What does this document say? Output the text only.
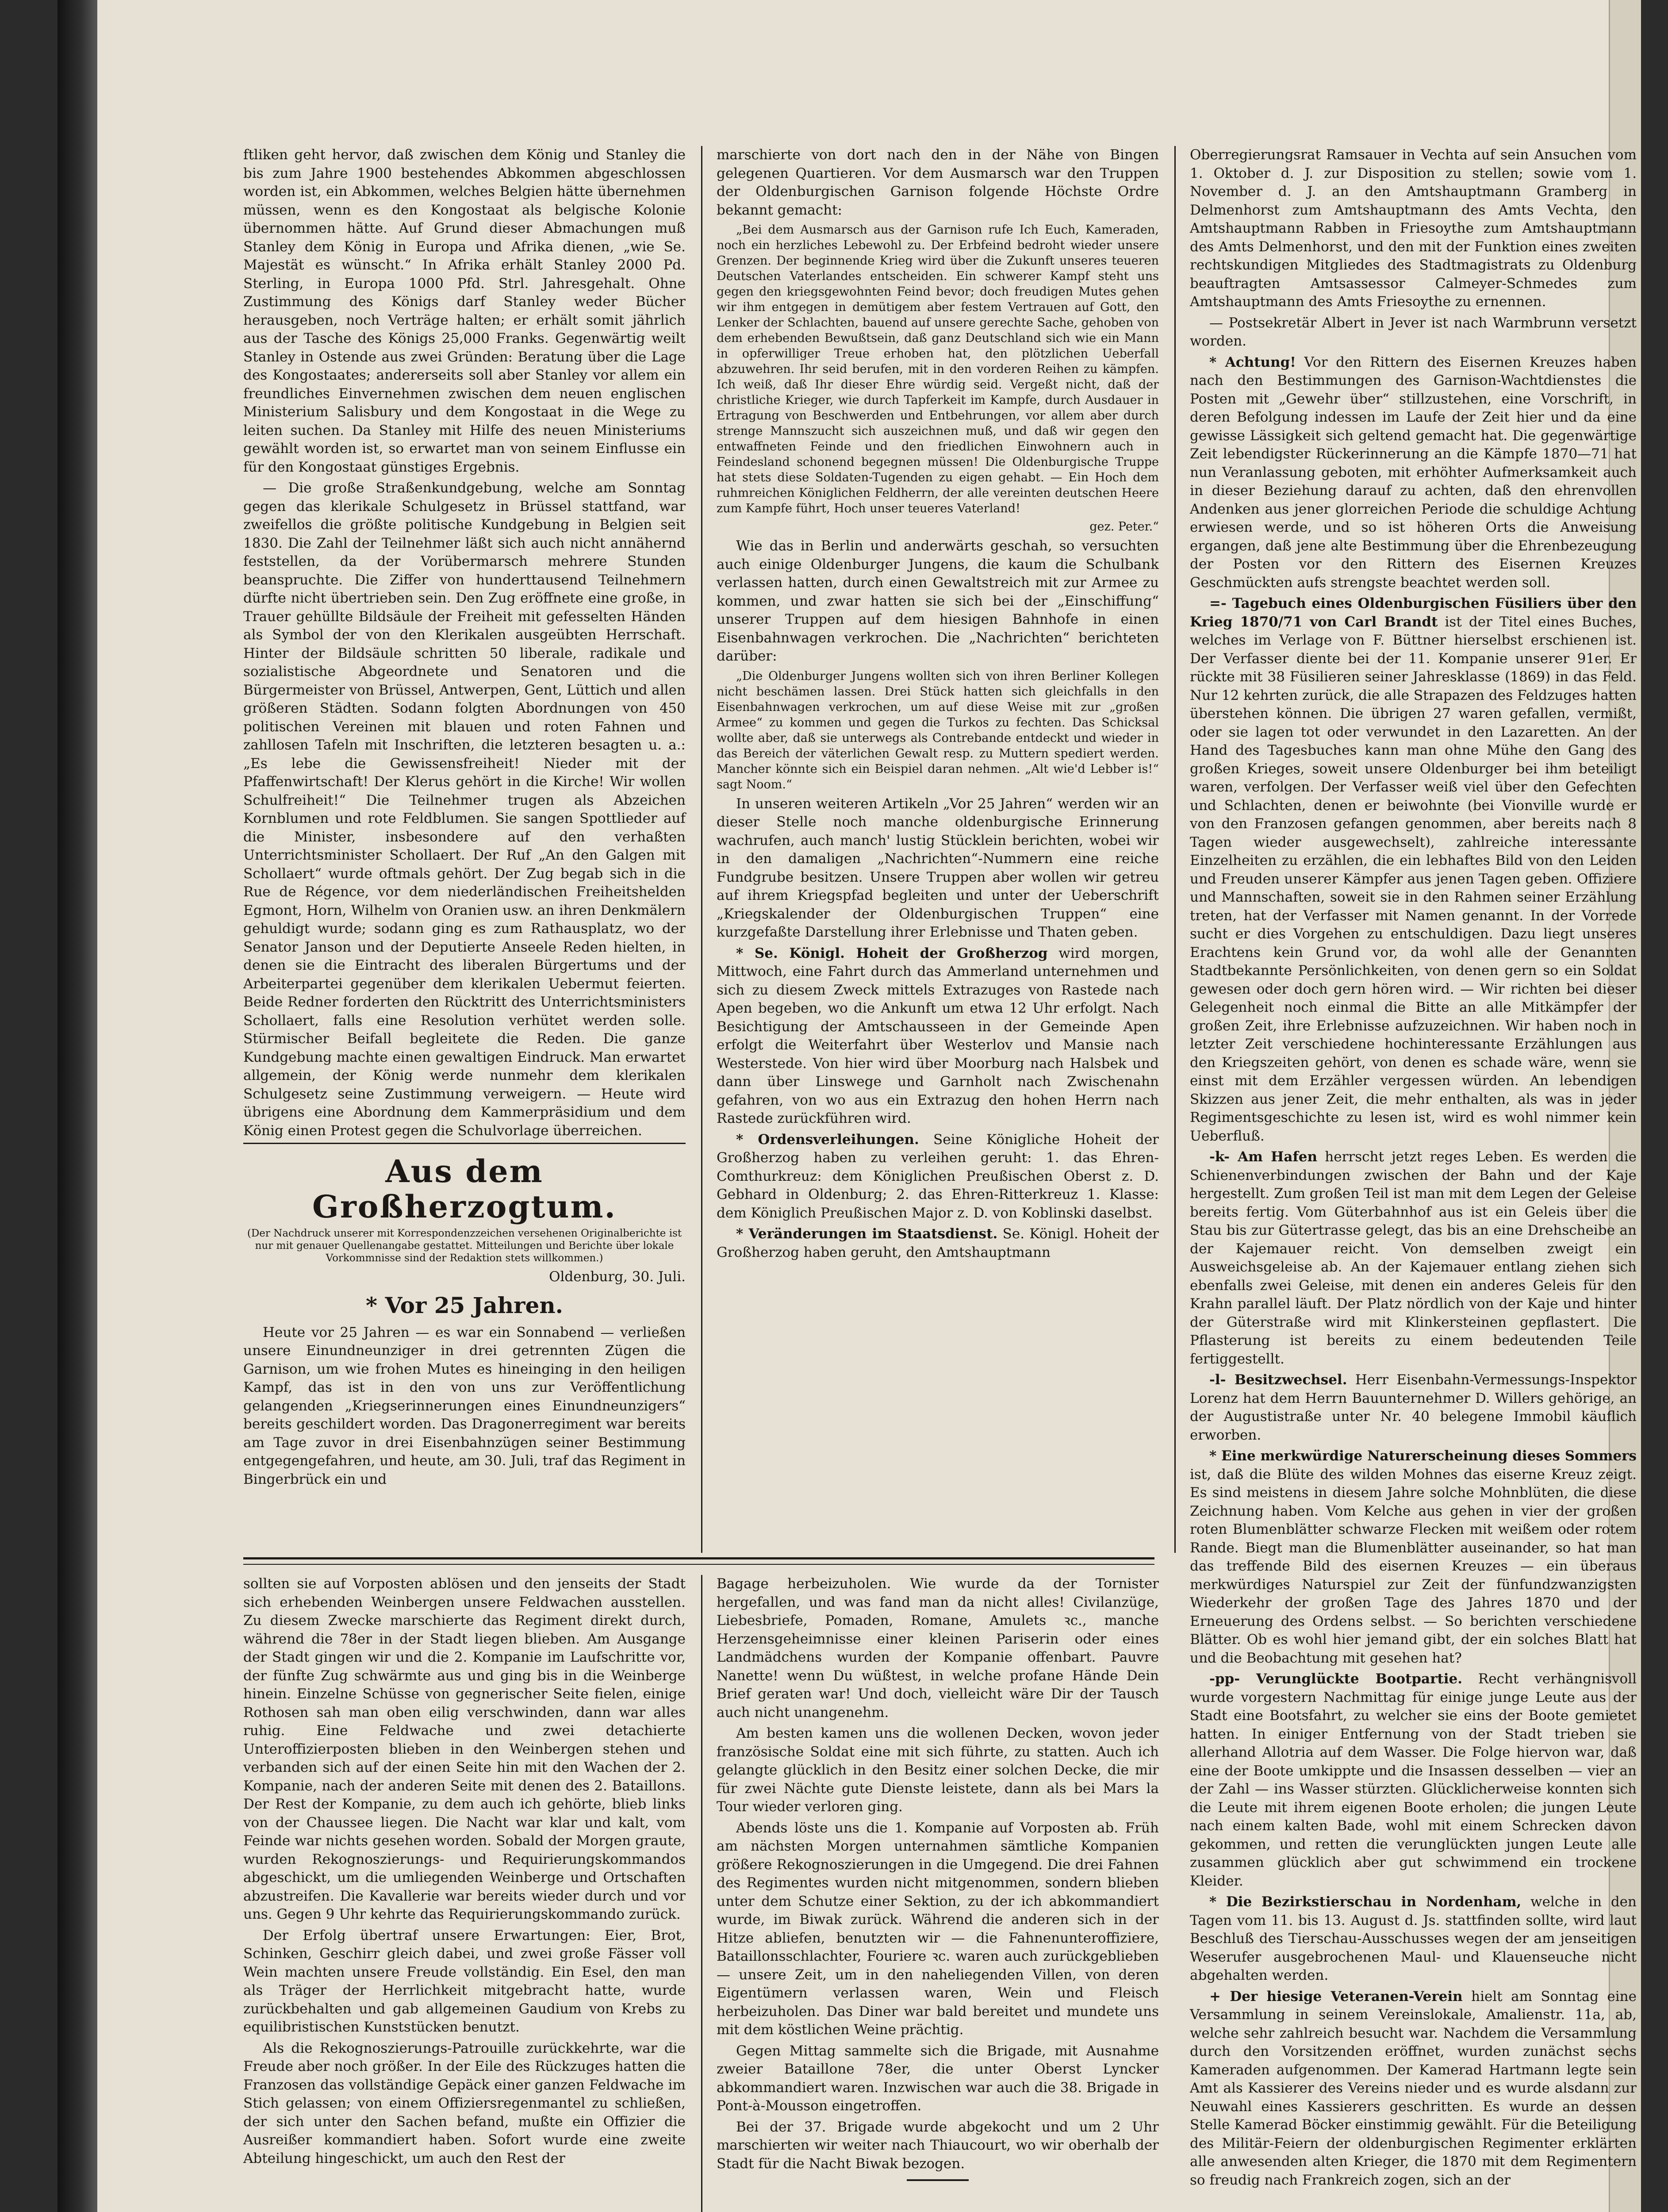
ftliken geht hervor, daß zwischen dem König und Stanley die bis zum Jahre 1900 bestehendes Abkommen abgeschlossen worden ist, ein Abkommen, welches Belgien hätte übernehmen müssen, wenn es den Kongostaat als belgische Kolonie übernommen hätte. Auf Grund dieser Abmachungen muß Stanley dem König in Europa und Afrika dienen, „wie Se. Majestät es wünscht.“ In Afrika erhält Stanley 2000 Pd. Sterling, in Europa 1000 Pfd. Strl. Jahresgehalt. Ohne Zustimmung des Königs darf Stanley weder Bücher herausgeben, noch Verträge halten; er erhält somit jährlich aus der Tasche des Königs 25,000 Franks. Gegenwärtig weilt Stanley in Ostende aus zwei Gründen: Beratung über die Lage des Kongostaates; andererseits soll aber Stanley vor allem ein freundliches Einvernehmen zwischen dem neuen englischen Ministerium Salisbury und dem Kongostaat in die Wege zu leiten suchen. Da Stanley mit Hilfe des neuen Ministeriums gewählt worden ist, so erwartet man von seinem Einflusse ein für den Kongostaat günstiges Ergebnis.

— Die große Straßenkundgebung, welche am Sonntag gegen das klerikale Schulgesetz in Brüssel stattfand, war zweifellos die größte politische Kundgebung in Belgien seit 1830. Die Zahl der Teilnehmer läßt sich auch nicht annähernd feststellen, da der Vorübermarsch mehrere Stunden beanspruchte. Die Ziffer von hunderttausend Teilnehmern dürfte nicht übertrieben sein. Den Zug eröffnete eine große, in Trauer gehüllte Bildsäule der Freiheit mit gefesselten Händen als Symbol der von den Klerikalen ausgeübten Herrschaft. Hinter der Bildsäule schritten 50 liberale, radikale und sozialistische Abgeordnete und Senatoren und die Bürgermeister von Brüssel, Antwerpen, Gent, Lüttich und allen größeren Städten. Sodann folgten Abordnungen von 450 politischen Vereinen mit blauen und roten Fahnen und zahllosen Tafeln mit Inschriften, die letzteren besagten u. a.: „Es lebe die Gewissensfreiheit! Nieder mit der Pfaffenwirtschaft! Der Klerus gehört in die Kirche! Wir wollen Schulfreiheit!“ Die Teilnehmer trugen als Abzeichen Kornblumen und rote Feldblumen. Sie sangen Spottlieder auf die Minister, insbesondere auf den verhaßten Unterrichtsminister Schollaert. Der Ruf „An den Galgen mit Schollaert“ wurde oftmals gehört. Der Zug begab sich in die Rue de Régence, vor dem niederländischen Freiheitshelden Egmont, Horn, Wilhelm von Oranien usw. an ihren Denkmälern gehuldigt wurde; sodann ging es zum Rathausplatz, wo der Senator Janson und der Deputierte Anseele Reden hielten, in denen sie die Eintracht des liberalen Bürgertums und der Arbeiterpartei gegenüber dem klerikalen Uebermut feierten. Beide Redner forderten den Rücktritt des Unterrichtsministers Schollaert, falls eine Resolution verhütet werden solle. Stürmischer Beifall begleitete die Reden. Die ganze Kundgebung machte einen gewaltigen Eindruck. Man erwartet allgemein, der König werde nunmehr dem klerikalen Schulgesetz seine Zustimmung verweigern. — Heute wird übrigens eine Abordnung dem Kammerpräsidium und dem König einen Protest gegen die Schulvorlage überreichen.

Aus dem Großherzogtum.

(Der Nachdruck unserer mit Korrespondenzzeichen versehenen Originalberichte ist nur mit genauer Quellenangabe gestattet. Mitteilungen und Berichte über lokale Vorkommnisse sind der Redaktion stets willkommen.)

Oldenburg, 30. Juli.

* Vor 25 Jahren.

Heute vor 25 Jahren — es war ein Sonnabend — verließen unsere Einundneunziger in drei getrennten Zügen die Garnison, um wie frohen Mutes es hineinging in den heiligen Kampf, das ist in den von uns zur Veröffentlichung gelangenden „Kriegserinnerungen eines Einundneunzigers“ bereits geschildert worden. Das Dragonerregiment war bereits am Tage zuvor in drei Eisenbahnzügen seiner Bestimmung entgegengefahren, und heute, am 30. Juli, traf das Regiment in Bingerbrück ein und

marschierte von dort nach den in der Nähe von Bingen gelegenen Quartieren. Vor dem Ausmarsch war den Truppen der Oldenburgischen Garnison folgende Höchste Ordre bekannt gemacht:

„Bei dem Ausmarsch aus der Garnison rufe Ich Euch, Kameraden, noch ein herzliches Lebewohl zu. Der Erbfeind bedroht wieder unsere Grenzen. Der beginnende Krieg wird über die Zukunft unseres teueren Deutschen Vaterlandes entscheiden. Ein schwerer Kampf steht uns gegen den kriegsgewohnten Feind bevor; doch freudigen Mutes gehen wir ihm entgegen in demütigem aber festem Vertrauen auf Gott, den Lenker der Schlachten, bauend auf unsere gerechte Sache, gehoben von dem erhebenden Bewußtsein, daß ganz Deutschland sich wie ein Mann in opferwilliger Treue erhoben hat, den plötzlichen Ueberfall abzuwehren. Ihr seid berufen, mit in den vorderen Reihen zu kämpfen. Ich weiß, daß Ihr dieser Ehre würdig seid. Vergeßt nicht, daß der christliche Krieger, wie durch Tapferkeit im Kampfe, durch Ausdauer in Ertragung von Beschwerden und Entbehrungen, vor allem aber durch strenge Mannszucht sich auszeichnen muß, und daß wir gegen den entwaffneten Feinde und den friedlichen Einwohnern auch in Feindesland schonend begegnen müssen! Die Oldenburgische Truppe hat stets diese Soldaten-Tugenden zu eigen gehabt. — Ein Hoch dem ruhmreichen Königlichen Feldherrn, der alle vereinten deutschen Heere zum Kampfe führt, Hoch unser teueres Vaterland!

gez. Peter.“

Wie das in Berlin und anderwärts geschah, so versuchten auch einige Oldenburger Jungens, die kaum die Schulbank verlassen hatten, durch einen Gewaltstreich mit zur Armee zu kommen, und zwar hatten sie sich bei der „Einschiffung“ unserer Truppen auf dem hiesigen Bahnhofe in einen Eisenbahnwagen verkrochen. Die „Nachrichten“ berichteten darüber:

„Die Oldenburger Jungens wollten sich von ihren Berliner Kollegen nicht beschämen lassen. Drei Stück hatten sich gleichfalls in den Eisenbahnwagen verkrochen, um auf diese Weise mit zur „großen Armee“ zu kommen und gegen die Turkos zu fechten. Das Schicksal wollte aber, daß sie unterwegs als Contrebande entdeckt und wieder in das Bereich der väterlichen Gewalt resp. zu Muttern spediert werden. Mancher könnte sich ein Beispiel daran nehmen. „Alt wie'd Lebber is!“ sagt Noom.“

In unseren weiteren Artikeln „Vor 25 Jahren“ werden wir an dieser Stelle noch manche oldenburgische Erinnerung wachrufen, auch manch' lustig Stücklein berichten, wobei wir in den damaligen „Nachrichten“-Nummern eine reiche Fundgrube besitzen. Unsere Truppen aber wollen wir getreu auf ihrem Kriegspfad begleiten und unter der Ueberschrift „Kriegskalender der Oldenburgischen Truppen“ eine kurzgefaßte Darstellung ihrer Erlebnisse und Thaten geben.

* Se. Königl. Hoheit der Großherzog wird morgen, Mittwoch, eine Fahrt durch das Ammerland unternehmen und sich zu diesem Zweck mittels Extrazuges von Rastede nach Apen begeben, wo die Ankunft um etwa 12 Uhr erfolgt. Nach Besichtigung der Amtschausseen in der Gemeinde Apen erfolgt die Weiterfahrt über Westerlov und Mansie nach Westerstede. Von hier wird über Moorburg nach Halsbek und dann über Linswege und Garnholt nach Zwischenahn gefahren, von wo aus ein Extrazug den hohen Herrn nach Rastede zurückführen wird.

* Ordensverleihungen. Seine Königliche Hoheit der Großherzog haben zu verleihen geruht: 1. das Ehren-Comthurkreuz: dem Königlichen Preußischen Oberst z. D. Gebhard in Oldenburg; 2. das Ehren-Ritterkreuz 1. Klasse: dem Königlich Preußischen Major z. D. von Koblinski daselbst.

* Veränderungen im Staatsdienst. Se. Königl. Hoheit der Großherzog haben geruht, den Amtshauptmann

Oberregierungsrat Ramsauer in Vechta auf sein Ansuchen vom 1. Oktober d. J. zur Disposition zu stellen; sowie vom 1. November d. J. an den Amtshauptmann Gramberg in Delmenhorst zum Amtshauptmann des Amts Vechta, den Amtshauptmann Rabben in Friesoythe zum Amtshauptmann des Amts Delmenhorst, und den mit der Funktion eines zweiten rechtskundigen Mitgliedes des Stadtmagistrats zu Oldenburg beauftragten Amtsassessor Calmeyer-Schmedes zum Amtshauptmann des Amts Friesoythe zu ernennen.

— Postsekretär Albert in Jever ist nach Warmbrunn versetzt worden.

* Achtung! Vor den Rittern des Eisernen Kreuzes haben nach den Bestimmungen des Garnison-Wachtdienstes die Posten mit „Gewehr über“ stillzustehen, eine Vorschrift, in deren Befolgung indessen im Laufe der Zeit hier und da eine gewisse Lässigkeit sich geltend gemacht hat. Die gegenwärtige Zeit lebendigster Rückerinnerung an die Kämpfe 1870—71 hat nun Veranlassung geboten, mit erhöhter Aufmerksamkeit auch in dieser Beziehung darauf zu achten, daß den ehrenvollen Andenken aus jener glorreichen Periode die schuldige Achtung erwiesen werde, und so ist höheren Orts die Anweisung ergangen, daß jene alte Bestimmung über die Ehrenbezeugung der Posten vor den Rittern des Eisernen Kreuzes Geschmückten aufs strengste beachtet werden soll.

=- Tagebuch eines Oldenburgischen Füsiliers über den Krieg 1870/71 von Carl Brandt ist der Titel eines Buches, welches im Verlage von F. Büttner hierselbst erschienen ist. Der Verfasser diente bei der 11. Kompanie unserer 91er. Er rückte mit 38 Füsilieren seiner Jahresklasse (1869) in das Feld. Nur 12 kehrten zurück, die alle Strapazen des Feldzuges hatten überstehen können. Die übrigen 27 waren gefallen, vermißt, oder sie lagen tot oder verwundet in den Lazaretten. An der Hand des Tagesbuches kann man ohne Mühe den Gang des großen Krieges, soweit unsere Oldenburger bei ihm beteiligt waren, verfolgen. Der Verfasser weiß viel über den Gefechten und Schlachten, denen er beiwohnte (bei Vionville wurde er von den Franzosen gefangen genommen, aber bereits nach 8 Tagen wieder ausgewechselt), zahlreiche interessante Einzelheiten zu erzählen, die ein lebhaftes Bild von den Leiden und Freuden unserer Kämpfer aus jenen Tagen geben. Offiziere und Mannschaften, soweit sie in den Rahmen seiner Erzählung treten, hat der Verfasser mit Namen genannt. In der Vorrede sucht er dies Vorgehen zu entschuldigen. Dazu liegt unseres Erachtens kein Grund vor, da wohl alle der Genannten Stadtbekannte Persönlichkeiten, von denen gern so ein Soldat gewesen oder doch gern hören wird. — Wir richten bei dieser Gelegenheit noch einmal die Bitte an alle Mitkämpfer der großen Zeit, ihre Erlebnisse aufzuzeichnen. Wir haben noch in letzter Zeit verschiedene hochinteressante Erzählungen aus den Kriegszeiten gehört, von denen es schade wäre, wenn sie einst mit dem Erzähler vergessen würden. An lebendigen Skizzen aus jener Zeit, die mehr enthalten, als was in jeder Regimentsgeschichte zu lesen ist, wird es wohl nimmer kein Ueberfluß.

-k- Am Hafen herrscht jetzt reges Leben. Es werden die Schienenverbindungen zwischen der Bahn und der Kaje hergestellt. Zum großen Teil ist man mit dem Legen der Geleise bereits fertig. Vom Güterbahnhof aus ist ein Geleis über die Stau bis zur Gütertrasse gelegt, das bis an eine Drehscheibe an der Kajemauer reicht. Von demselben zweigt ein Ausweichsgeleise ab. An der Kajemauer entlang ziehen sich ebenfalls zwei Geleise, mit denen ein anderes Geleis für den Krahn parallel läuft. Der Platz nördlich von der Kaje und hinter der Güterstraße wird mit Klinkersteinen gepflastert. Die Pflasterung ist bereits zu einem bedeutenden Teile fertiggestellt.

-l- Besitzwechsel. Herr Eisenbahn-Vermessungs-Inspektor Lorenz hat dem Herrn Bauunternehmer D. Willers gehörige, an der Augustistraße unter Nr. 40 belegene Immobil käuflich erworben.

* Eine merkwürdige Naturerscheinung dieses Sommers ist, daß die Blüte des wilden Mohnes das eiserne Kreuz zeigt. Es sind meistens in diesem Jahre solche Mohnblüten, die diese Zeichnung haben. Vom Kelche aus gehen in vier der großen roten Blumenblätter schwarze Flecken mit weißem oder rotem Rande. Biegt man die Blumenblätter auseinander, so hat man das treffende Bild des eisernen Kreuzes — ein überaus merkwürdiges Naturspiel zur Zeit der fünfundzwanzigsten Wiederkehr der großen Tage des Jahres 1870 und der Erneuerung des Ordens selbst. — So berichten verschiedene Blätter. Ob es wohl hier jemand gibt, der ein solches Blatt hat und die Beobachtung mit gesehen hat?

-pp- Verunglückte Bootpartie. Recht verhängnisvoll wurde vorgestern Nachmittag für einige junge Leute aus der Stadt eine Bootsfahrt, zu welcher sie eins der Boote gemietet hatten. In einiger Entfernung von der Stadt trieben sie allerhand Allotria auf dem Wasser. Die Folge hiervon war, daß eine der Boote umkippte und die Insassen desselben — vier an der Zahl — ins Wasser stürzten. Glücklicherweise konnten sich die Leute mit ihrem eigenen Boote erholen; die jungen Leute nach einem kalten Bade, wohl mit einem Schrecken davon gekommen, und retten die verunglückten jungen Leute alle zusammen glücklich aber gut schwimmend ein trockene Kleider.

* Die Bezirkstierschau in Nordenham, welche in den Tagen vom 11. bis 13. August d. Js. stattfinden sollte, wird laut Beschluß des Tierschau-Ausschusses wegen der am jenseitigen Weserufer ausgebrochenen Maul- und Klauenseuche nicht abgehalten werden.

+ Der hiesige Veteranen-Verein hielt am Sonntag eine Versammlung in seinem Vereinslokale, Amalienstr. 11a, ab, welche sehr zahlreich besucht war. Nachdem die Versammlung durch den Vorsitzenden eröffnet, wurden zunächst sechs Kameraden aufgenommen. Der Kamerad Hartmann legte sein Amt als Kassierer des Vereins nieder und es wurde alsdann zur Neuwahl eines Kassierers geschritten. Es wurde an dessen Stelle Kamerad Böcker einstimmig gewählt. Für die Beteiligung des Militär-Feiern der oldenburgischen Regimenter erklärten alle anwesenden alten Krieger, die 1870 mit dem Regimentern so freudig nach Frankreich zogen, sich an der

sollten sie auf Vorposten ablösen und den jenseits der Stadt sich erhebenden Weinbergen unsere Feldwachen ausstellen. Zu diesem Zwecke marschierte das Regiment direkt durch, während die 78er in der Stadt liegen blieben. Am Ausgange der Stadt gingen wir und die 2. Kompanie im Laufschritte vor, der fünfte Zug schwärmte aus und ging bis in die Weinberge hinein. Einzelne Schüsse von gegnerischer Seite fielen, einige Rothosen sah man oben eilig verschwinden, dann war alles ruhig. Eine Feldwache und zwei detachierte Unteroffizierposten blieben in den Weinbergen stehen und verbanden sich auf der einen Seite hin mit den Wachen der 2. Kompanie, nach der anderen Seite mit denen des 2. Bataillons. Der Rest der Kompanie, zu dem auch ich gehörte, blieb links von der Chaussee liegen. Die Nacht war klar und kalt, vom Feinde war nichts gesehen worden. Sobald der Morgen graute, wurden Rekognoszierungs- und Requirierungskommandos abgeschickt, um die umliegenden Weinberge und Ortschaften abzustreifen. Die Kavallerie war bereits wieder durch und vor uns. Gegen 9 Uhr kehrte das Requirierungskommando zurück.

Der Erfolg übertraf unsere Erwartungen: Eier, Brot, Schinken, Geschirr gleich dabei, und zwei große Fässer voll Wein machten unsere Freude vollständig. Ein Esel, den man als Träger der Herrlichkeit mitgebracht hatte, wurde zurückbehalten und gab allgemeinen Gaudium von Krebs zu equilibristischen Kunststücken benutzt.

Als die Rekognoszierungs-Patrouille zurückkehrte, war die Freude aber noch größer. In der Eile des Rückzuges hatten die Franzosen das vollständige Gepäck einer ganzen Feldwache im Stich gelassen; von einem Offiziersregenmantel zu schließen, der sich unter den Sachen befand, mußte ein Offizier die Ausreißer kommandiert haben. Sofort wurde eine zweite Abteilung hingeschickt, um auch den Rest der

Bagage herbeizuholen. Wie wurde da der Tornister hergefallen, und was fand man da nicht alles! Civilanzüge, Liebesbriefe, Pomaden, Romane, Amulets ꝛc., manche Herzensgeheimnisse einer kleinen Pariserin oder eines Landmädchens wurden der Kompanie offenbart. Pauvre Nanette! wenn Du wüßtest, in welche profane Hände Dein Brief geraten war! Und doch, vielleicht wäre Dir der Tausch auch nicht unangenehm.

Am besten kamen uns die wollenen Decken, wovon jeder französische Soldat eine mit sich führte, zu statten. Auch ich gelangte glücklich in den Besitz einer solchen Decke, die mir für zwei Nächte gute Dienste leistete, dann als bei Mars la Tour wieder verloren ging.

Abends löste uns die 1. Kompanie auf Vorposten ab. Früh am nächsten Morgen unternahmen sämtliche Kompanien größere Rekognoszierungen in die Umgegend. Die drei Fahnen des Regimentes wurden nicht mitgenommen, sondern blieben unter dem Schutze einer Sektion, zu der ich abkommandiert wurde, im Biwak zurück. Während die anderen sich in der Hitze abliefen, benutzten wir — die Fahnenunteroffiziere, Bataillonsschlachter, Fouriere ꝛc. waren auch zurückgeblieben — unsere Zeit, um in den naheliegenden Villen, von deren Eigentümern verlassen waren, Wein und Fleisch herbeizuholen. Das Diner war bald bereitet und mundete uns mit dem köstlichen Weine prächtig.

Gegen Mittag sammelte sich die Brigade, mit Ausnahme zweier Bataillone 78er, die unter Oberst Lyncker abkommandiert waren. Inzwischen war auch die 38. Brigade in Pont-à-Mousson eingetroffen.

Bei der 37. Brigade wurde abgekocht und um 2 Uhr marschierten wir weiter nach Thiaucourt, wo wir oberhalb der Stadt für die Nacht Biwak bezogen.
